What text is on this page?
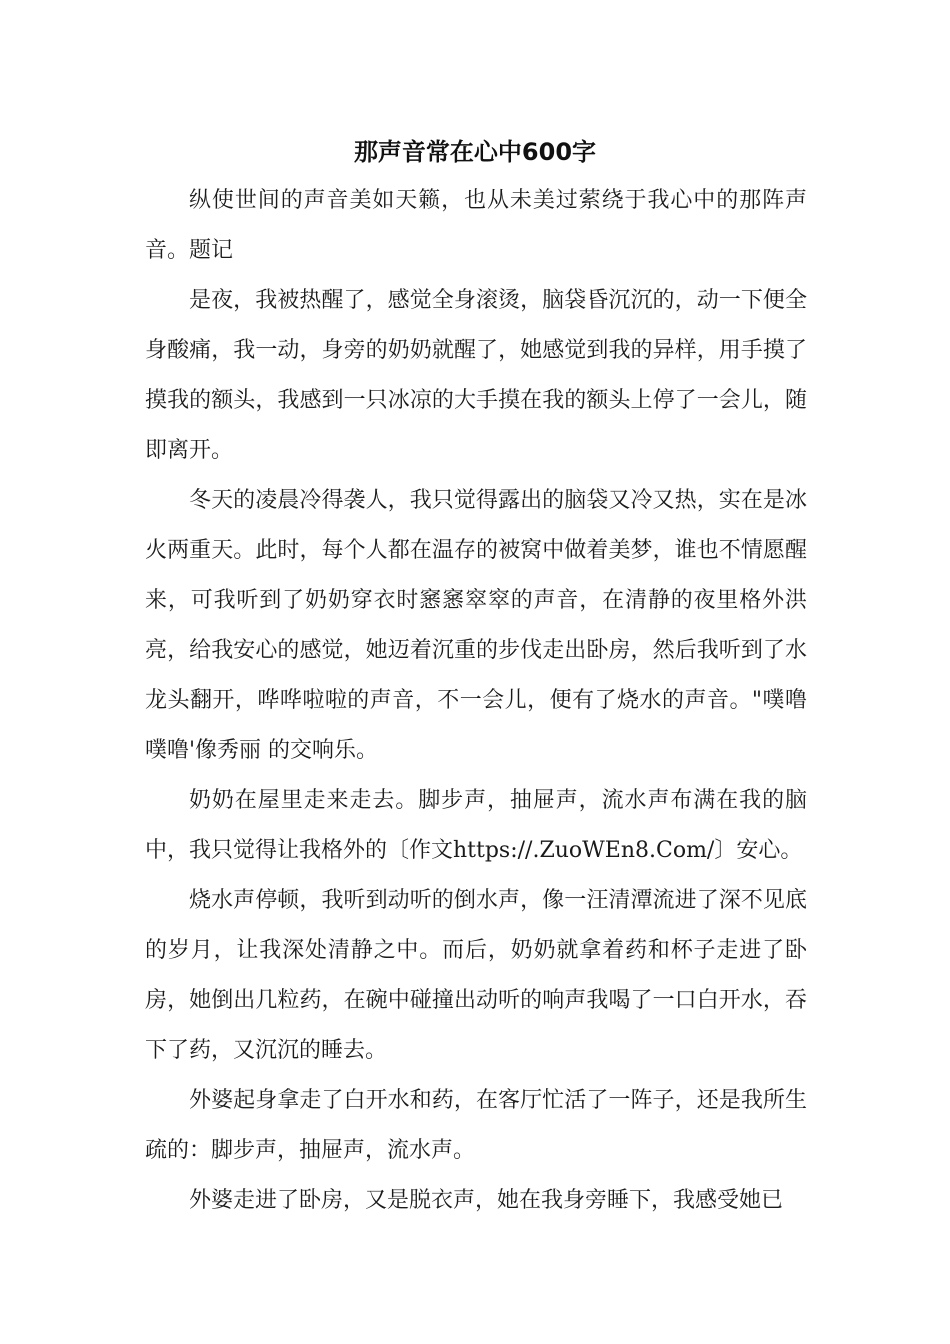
那声音常在心中600字

纵使世间的声音美如天籁，也从未美过萦绕于我心中的那阵声音。题记

是夜，我被热醒了，感觉全身滚烫，脑袋昏沉沉的，动一下便全身酸痛，我一动，身旁的奶奶就醒了，她感觉到我的异样，用手摸了摸我的额头，我感到一只冰凉的大手摸在我的额头上停了一会儿，随即离开。

冬天的凌晨冷得袭人，我只觉得露出的脑袋又冷又热，实在是冰火两重天。此时，每个人都在温存的被窝中做着美梦，谁也不情愿醒来，可我听到了奶奶穿衣时窸窸窣窣的声音，在清静的夜里格外洪亮，给我安心的感觉，她迈着沉重的步伐走出卧房，然后我听到了水龙头翻开，哗哗啦啦的声音，不一会儿，便有了烧水的声音。"噗噜噗噜'像秀丽 的交响乐。

奶奶在屋里走来走去。脚步声，抽屉声，流水声布满在我的脑中，我只觉得让我格外的〔作文https://.ZuoWEn8.Com/〕安心。

烧水声停顿，我听到动听的倒水声，像一汪清潭流进了深不见底的岁月，让我深处清静之中。而后，奶奶就拿着药和杯子走进了卧房，她倒出几粒药，在碗中碰撞出动听的响声我喝了一口白开水，吞下了药，又沉沉的睡去。

外婆起身拿走了白开水和药，在客厅忙活了一阵子，还是我所生疏的：脚步声，抽屉声，流水声。

外婆走进了卧房，又是脱衣声，她在我身旁睡下，我感受她已
